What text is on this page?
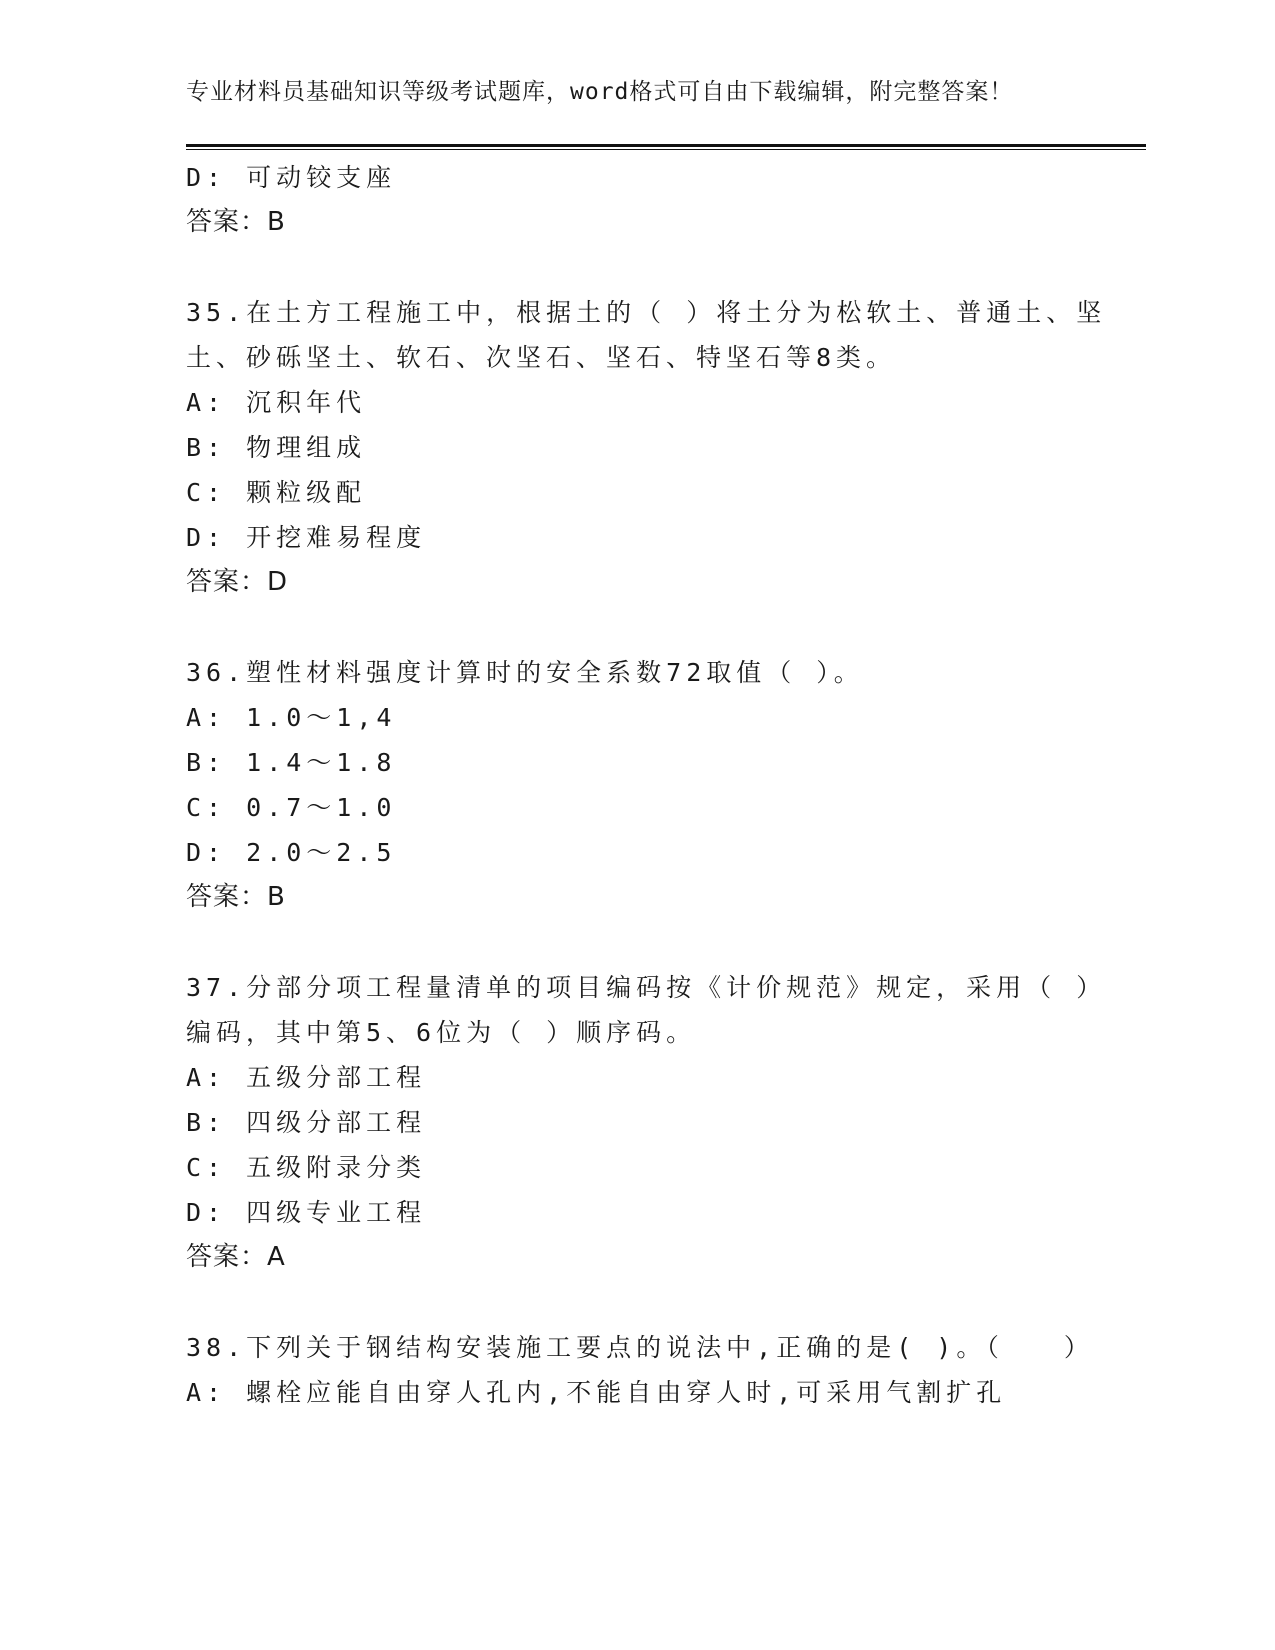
专业材料员基础知识等级考试题库，word格式可自由下载编辑，附完整答案！
D: 可动铰支座
答案：B
35.在土方工程施工中，根据土的（ ）将土分为松软土、普通土、坚
土、砂砾坚土、软石、次坚石、坚石、特坚石等8类。
A: 沉积年代
B: 物理组成
C: 颗粒级配
D: 开挖难易程度
答案：D
36.塑性材料强度计算时的安全系数72取值（ ）。
A: 1.0～1,4
B: 1.4～1.8
C: 0.7～1.0
D: 2.0～2.5
答案：B
37.分部分项工程量清单的项目编码按《计价规范》规定，采用（ ）
编码，其中第5、6位为（ ）顺序码。
A: 五级分部工程
B: 四级分部工程
C: 五级附录分类
D: 四级专业工程
答案：A
38.下列关于钢结构安装施工要点的说法中,正确的是( )。（　　）
A: 螺栓应能自由穿人孔内,不能自由穿人时,可采用气割扩孔
